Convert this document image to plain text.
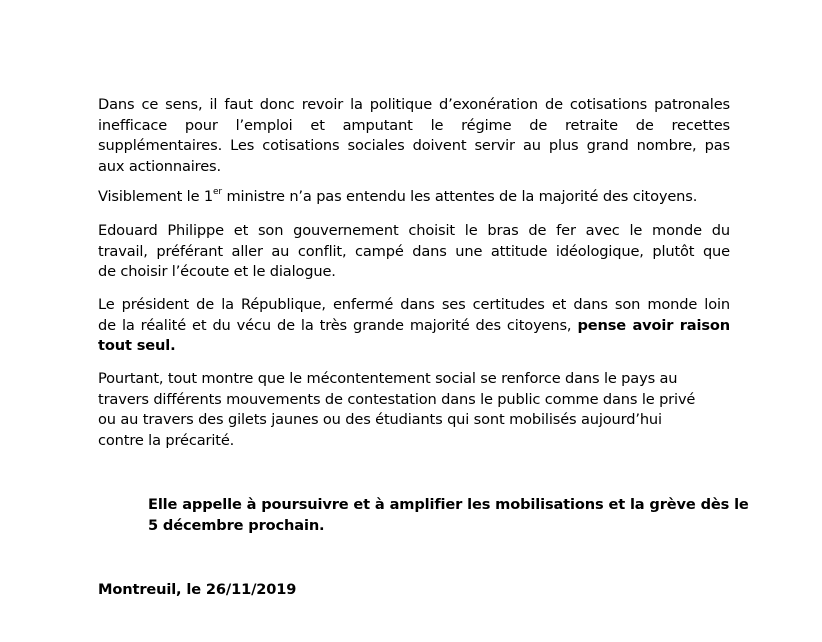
Dans ce sens, il faut donc revoir la politique d’exonération de cotisations patronales
inefficace pour l’emploi et amputant le régime de retraite de recettes
supplémentaires. Les cotisations sociales doivent servir au plus grand nombre, pas
aux actionnaires.

Visiblement le 1er ministre n’a pas entendu les attentes de la majorité des citoyens.

Edouard Philippe et son gouvernement choisit le bras de fer avec le monde du
travail, préférant aller au conflit, campé dans une attitude idéologique, plutôt que
de choisir l’écoute et le dialogue.

Le président de la République, enfermé dans ses certitudes et dans son monde loin
de la réalité et du vécu de la très grande majorité des citoyens, pense avoir raison
tout seul.

Pourtant, tout montre que le mécontentement social se renforce dans le pays au
travers différents mouvements de contestation dans le public comme dans le privé
ou au travers des gilets jaunes ou des étudiants qui sont mobilisés aujourd’hui
contre la précarité.

Elle appelle à poursuivre et à amplifier les mobilisations et la grève dès le
5 décembre prochain.

Montreuil, le 26/11/2019
